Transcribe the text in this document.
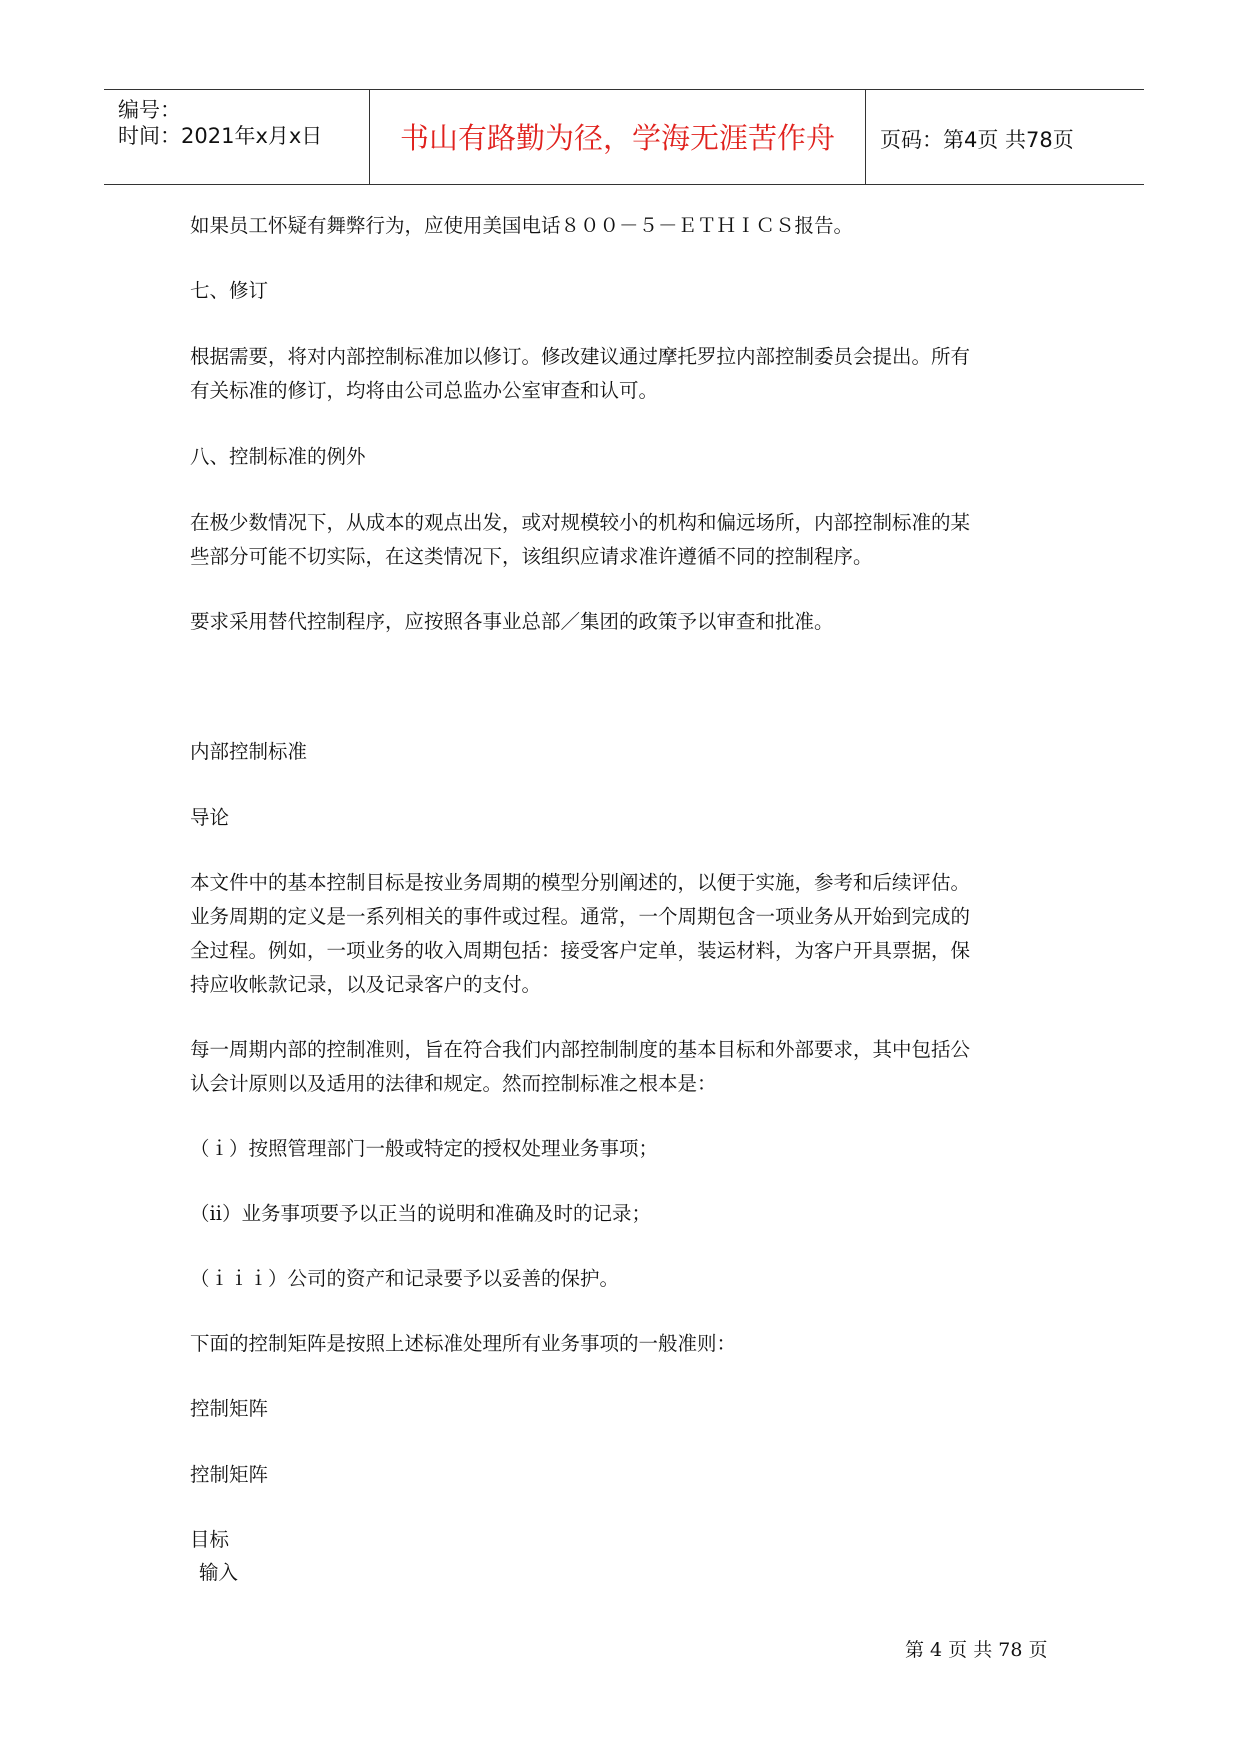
编号：
时间：2021年x月x日	书山有路勤为径，学海无涯苦作舟	页码：第4页 共78页

如果员工怀疑有舞弊行为，应使用美国电话８００－５－ＥＴＨＩＣＳ报告。

七、修订

根据需要，将对内部控制标准加以修订。修改建议通过摩托罗拉内部控制委员会提出。所有

有关标准的修订，均将由公司总监办公室审查和认可。

八、控制标准的例外

在极少数情况下，从成本的观点出发，或对规模较小的机构和偏远场所，内部控制标准的某

些部分可能不切实际，在这类情况下，该组织应请求准许遵循不同的控制程序。

要求采用替代控制程序，应按照各事业总部／集团的政策予以审查和批准。

内部控制标准

导论

本文件中的基本控制目标是按业务周期的模型分别阐述的，以便于实施，参考和后续评估。

业务周期的定义是一系列相关的事件或过程。通常，一个周期包含一项业务从开始到完成的

全过程。例如，一项业务的收入周期包括：接受客户定单，装运材料，为客户开具票据，保

持应收帐款记录，以及记录客户的支付。

每一周期内部的控制准则，旨在符合我们内部控制制度的基本目标和外部要求，其中包括公

认会计原则以及适用的法律和规定。然而控制标准之根本是：

（ｉ）按照管理部门一般或特定的授权处理业务事项；

（ii）业务事项要予以正当的说明和准确及时的记录；

（ｉｉｉ）公司的资产和记录要予以妥善的保护。

下面的控制矩阵是按照上述标准处理所有业务事项的一般准则：

控制矩阵

控制矩阵

目标

输入

第 4 页 共 78 页
